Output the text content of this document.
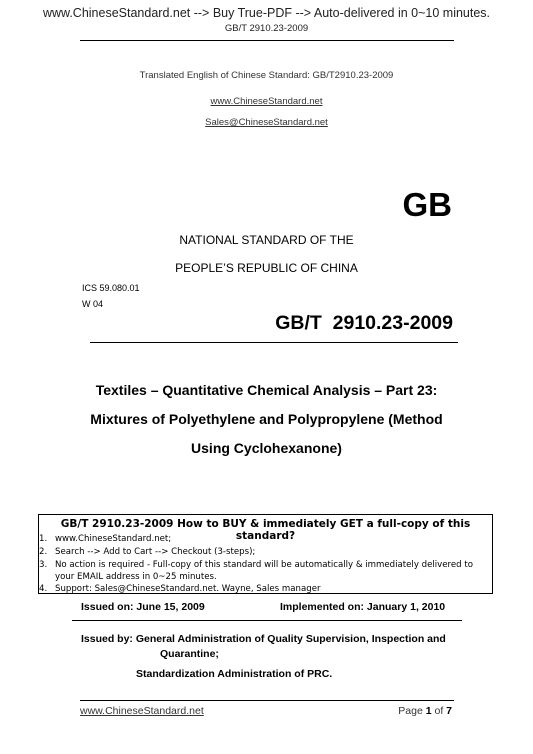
www.ChineseStandard.net --> Buy True-PDF --> Auto-delivered in 0~10 minutes.
GB/T 2910.23-2009
Translated English of Chinese Standard: GB/T2910.23-2009
www.ChineseStandard.net
Sales@ChineseStandard.net
GB
NATIONAL STANDARD OF THE
PEOPLE’S REPUBLIC OF CHINA
ICS 59.080.01
W 04
GB/T  2910.23-2009
Textiles – Quantitative Chemical Analysis – Part 23:
Mixtures of Polyethylene and Polypropylene (Method
Using Cyclohexanone)
GB/T 2910.23-2009 How to BUY & immediately GET a full-copy of this standard?
1. www.ChineseStandard.net;
2. Search --> Add to Cart --> Checkout (3-steps);
3. No action is required - Full-copy of this standard will be automatically & immediately delivered to
your EMAIL address in 0~25 minutes.
4. Support: Sales@ChineseStandard.net. Wayne, Sales manager
Issued on: June 15, 2009	Implemented on: January 1, 2010
Issued by: General Administration of Quality Supervision, Inspection and
Quarantine;
Standardization Administration of PRC.
www.ChineseStandard.net	Page 1 of 7
